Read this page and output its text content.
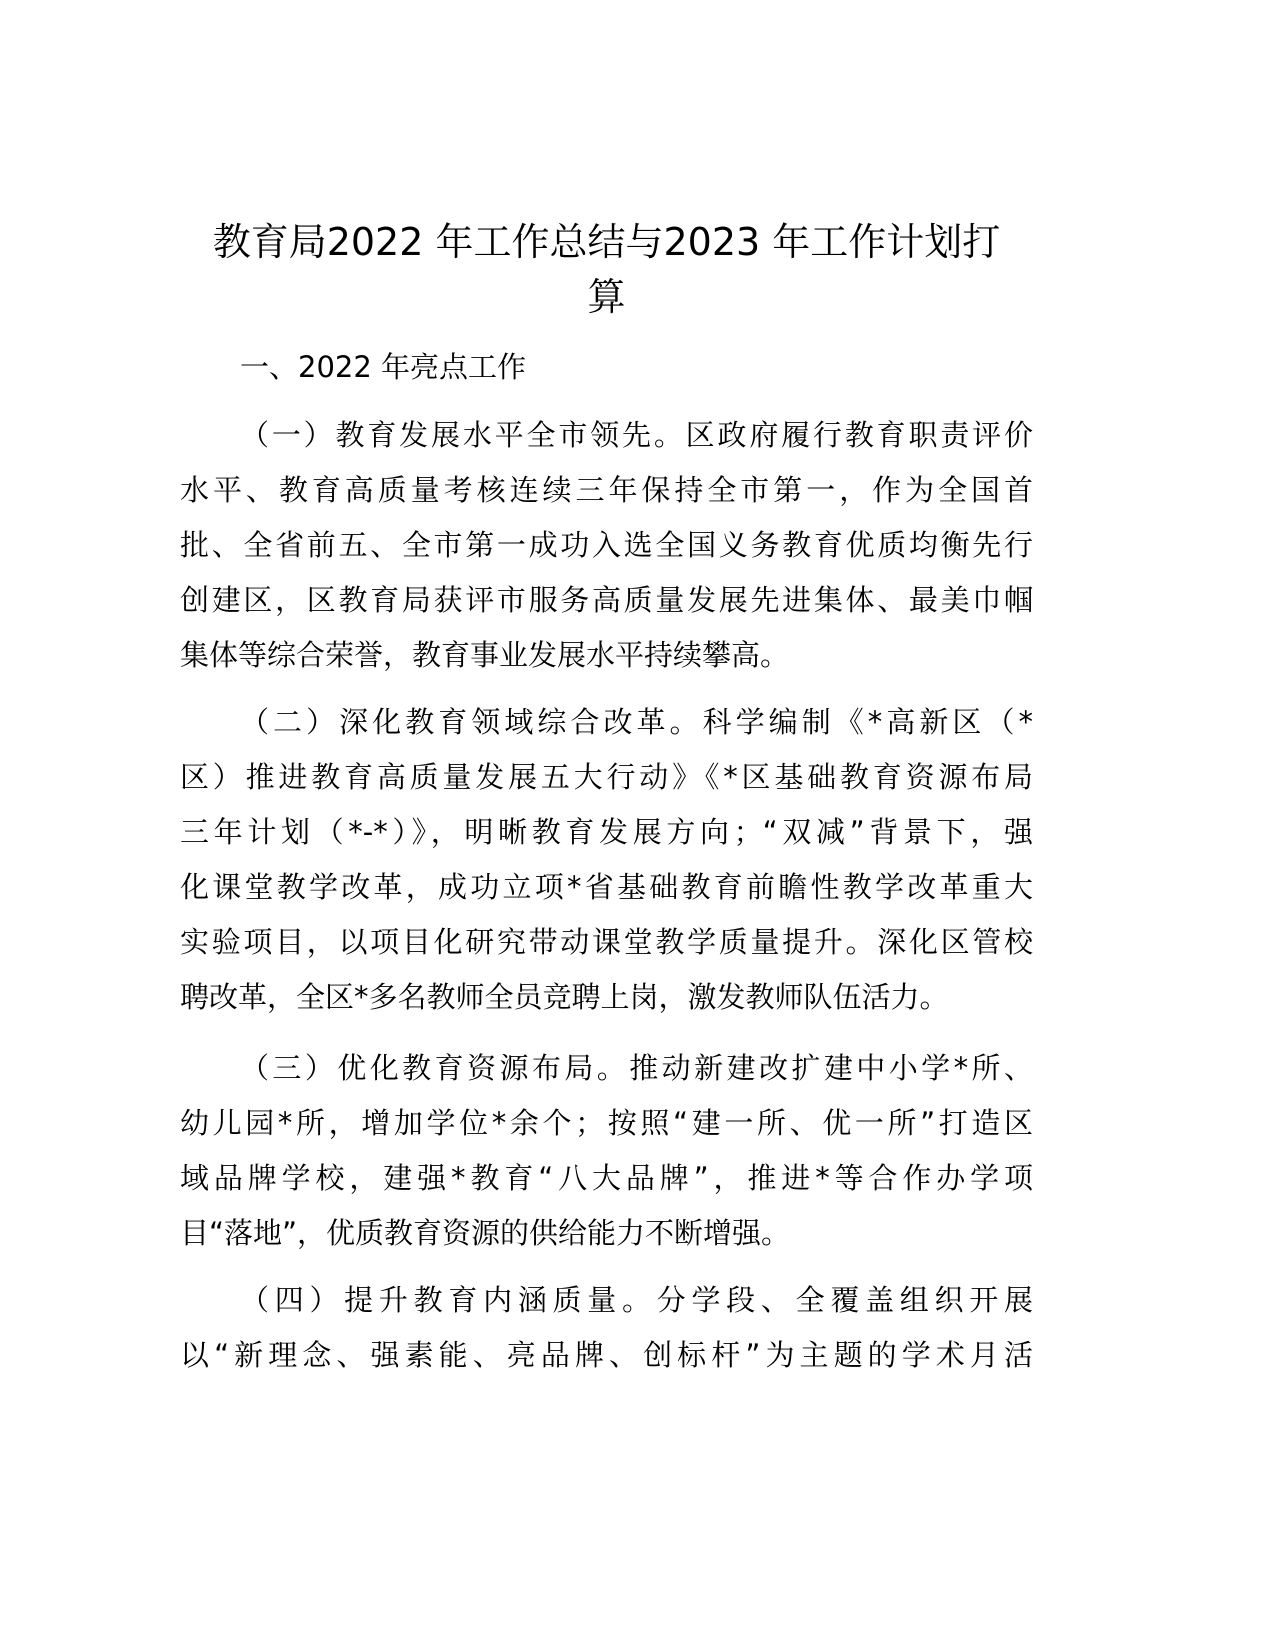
教育局2022 年工作总结与2023 年工作计划打
算
一、2022 年亮点工作
（一）教育发展水平全市领先。区政府履行教育职责评价
水平、教育高质量考核连续三年保持全市第一，作为全国首
批、全省前五、全市第一成功入选全国义务教育优质均衡先行
创建区，区教育局获评市服务高质量发展先进集体、最美巾帼
集体等综合荣誉，教育事业发展水平持续攀高。
（二）深化教育领域综合改革。科学编制《*高新区（*
区）推进教育高质量发展五大行动》《*区基础教育资源布局
三年计划（*-*）》，明晰教育发展方向；“双减”背景下，强
化课堂教学改革，成功立项*省基础教育前瞻性教学改革重大
实验项目，以项目化研究带动课堂教学质量提升。深化区管校
聘改革，全区*多名教师全员竞聘上岗，激发教师队伍活力。
（三）优化教育资源布局。推动新建改扩建中小学*所、
幼儿园*所，增加学位*余个；按照“建一所、优一所”打造区
域品牌学校，建强*教育“八大品牌”，推进*等合作办学项
目“落地”，优质教育资源的供给能力不断增强。
（四）提升教育内涵质量。分学段、全覆盖组织开展
以“新理念、强素能、亮品牌、创标杆”为主题的学术月活
